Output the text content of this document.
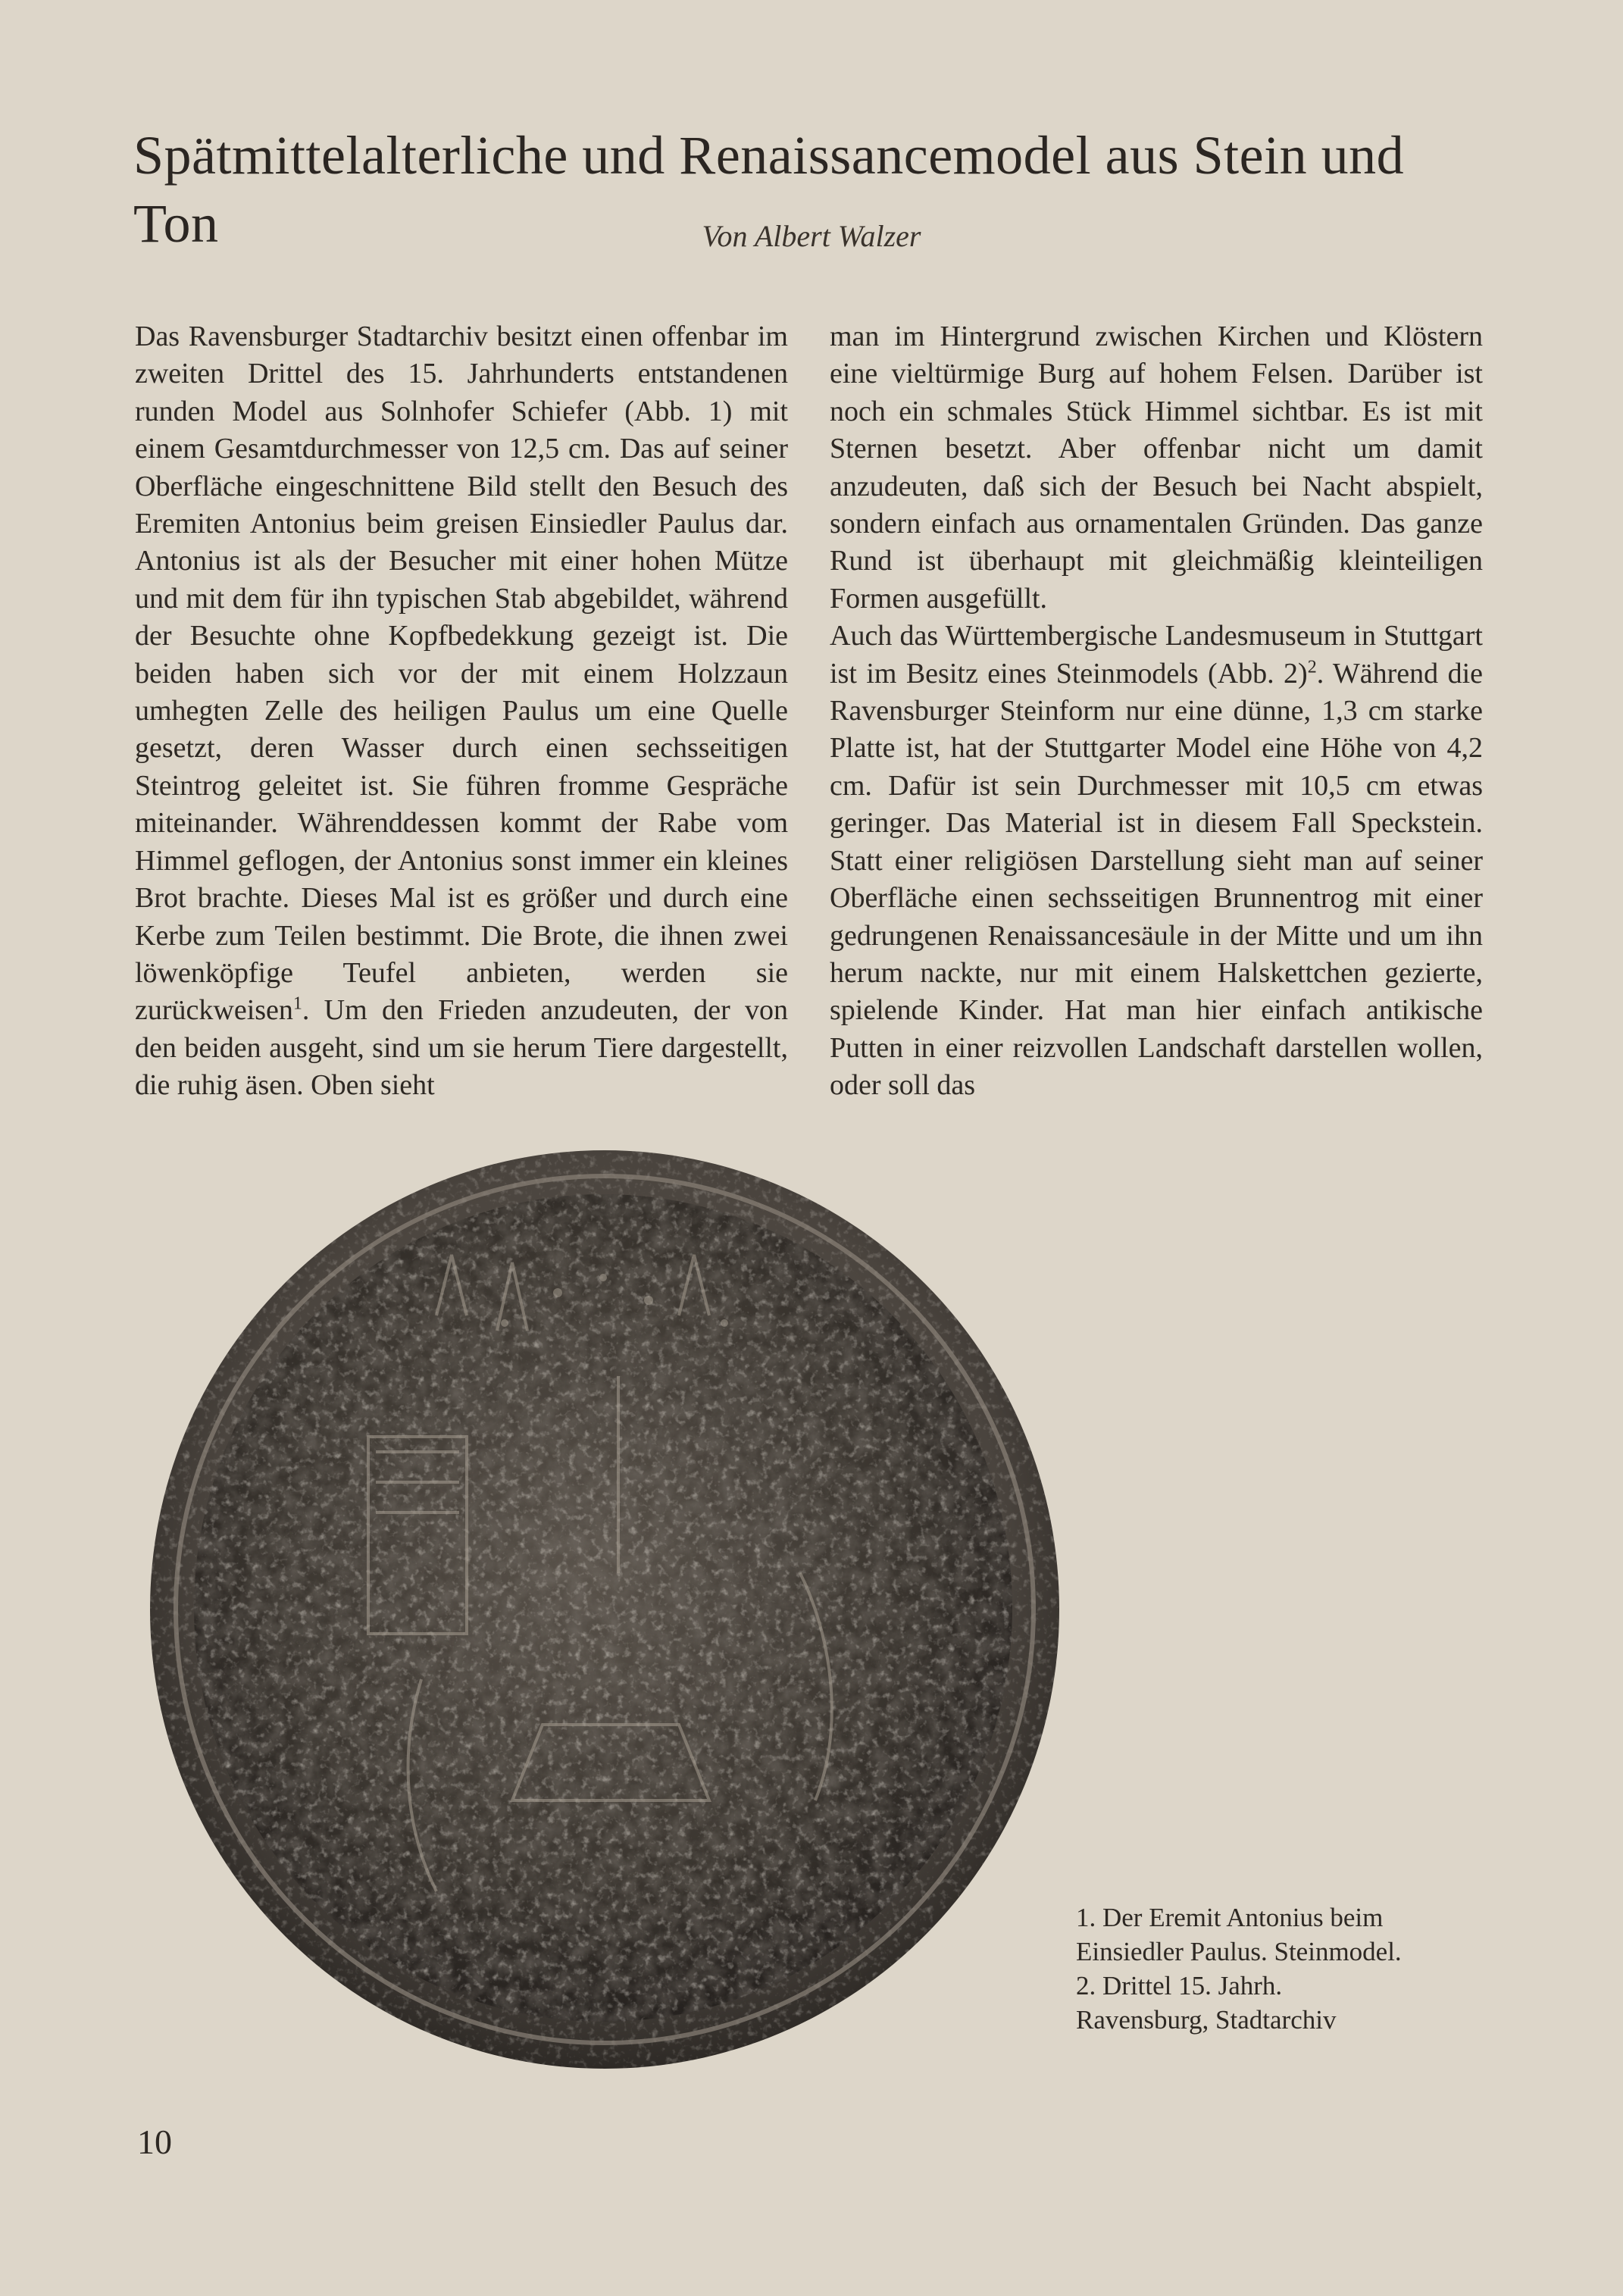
Spätmittelalterliche und Renaissancemodel aus Stein und Ton	Von Albert Walzer

Das Ravensburger Stadtarchiv besitzt einen offenbar im zweiten Drittel des 15. Jahrhunderts entstandenen runden Model aus Solnhofer Schiefer (Abb. 1) mit einem Gesamtdurchmesser von 12,5 cm. Das auf seiner Oberfläche eingeschnittene Bild stellt den Besuch des Eremiten Antonius beim greisen Einsiedler Paulus dar. Antonius ist als der Besucher mit einer hohen Mütze und mit dem für ihn typischen Stab abgebildet, während der Besuchte ohne Kopfbedekkung gezeigt ist. Die beiden haben sich vor der mit einem Holzzaun umhegten Zelle des heiligen Paulus um eine Quelle gesetzt, deren Wasser durch einen sechsseitigen Steintrog geleitet ist. Sie führen fromme Gespräche miteinander. Währenddessen kommt der Rabe vom Himmel geflogen, der Antonius sonst immer ein kleines Brot brachte. Dieses Mal ist es größer und durch eine Kerbe zum Teilen bestimmt. Die Brote, die ihnen zwei löwenköpfige Teufel anbieten, werden sie zurückweisen$^1$. Um den Frieden anzudeuten, der von den beiden ausgeht, sind um sie herum Tiere dargestellt, die ruhig äsen. Oben sieht

man im Hintergrund zwischen Kirchen und Klöstern eine vieltürmige Burg auf hohem Felsen. Darüber ist noch ein schmales Stück Himmel sichtbar. Es ist mit Sternen besetzt. Aber offenbar nicht um damit anzudeuten, daß sich der Besuch bei Nacht abspielt, sondern einfach aus ornamentalen Gründen. Das ganze Rund ist überhaupt mit gleichmäßig kleinteiligen Formen ausgefüllt.

Auch das Württembergische Landesmuseum in Stuttgart ist im Besitz eines Steinmodels (Abb. 2)$^2$. Während die Ravensburger Steinform nur eine dünne, 1,3 cm starke Platte ist, hat der Stuttgarter Model eine Höhe von 4,2 cm. Dafür ist sein Durchmesser mit 10,5 cm etwas geringer. Das Material ist in diesem Fall Speckstein. Statt einer religiösen Darstellung sieht man auf seiner Oberfläche einen sechsseitigen Brunnentrog mit einer gedrungenen Renaissancesäule in der Mitte und um ihn herum nackte, nur mit einem Halskettchen gezierte, spielende Kinder. Hat man hier einfach antikische Putten in einer reizvollen Landschaft darstellen wollen, oder soll das

1. Der Eremit Antonius beim
Einsiedler Paulus. Steinmodel.
2. Drittel 15. Jahrh.
Ravensburg, Stadtarchiv
10
